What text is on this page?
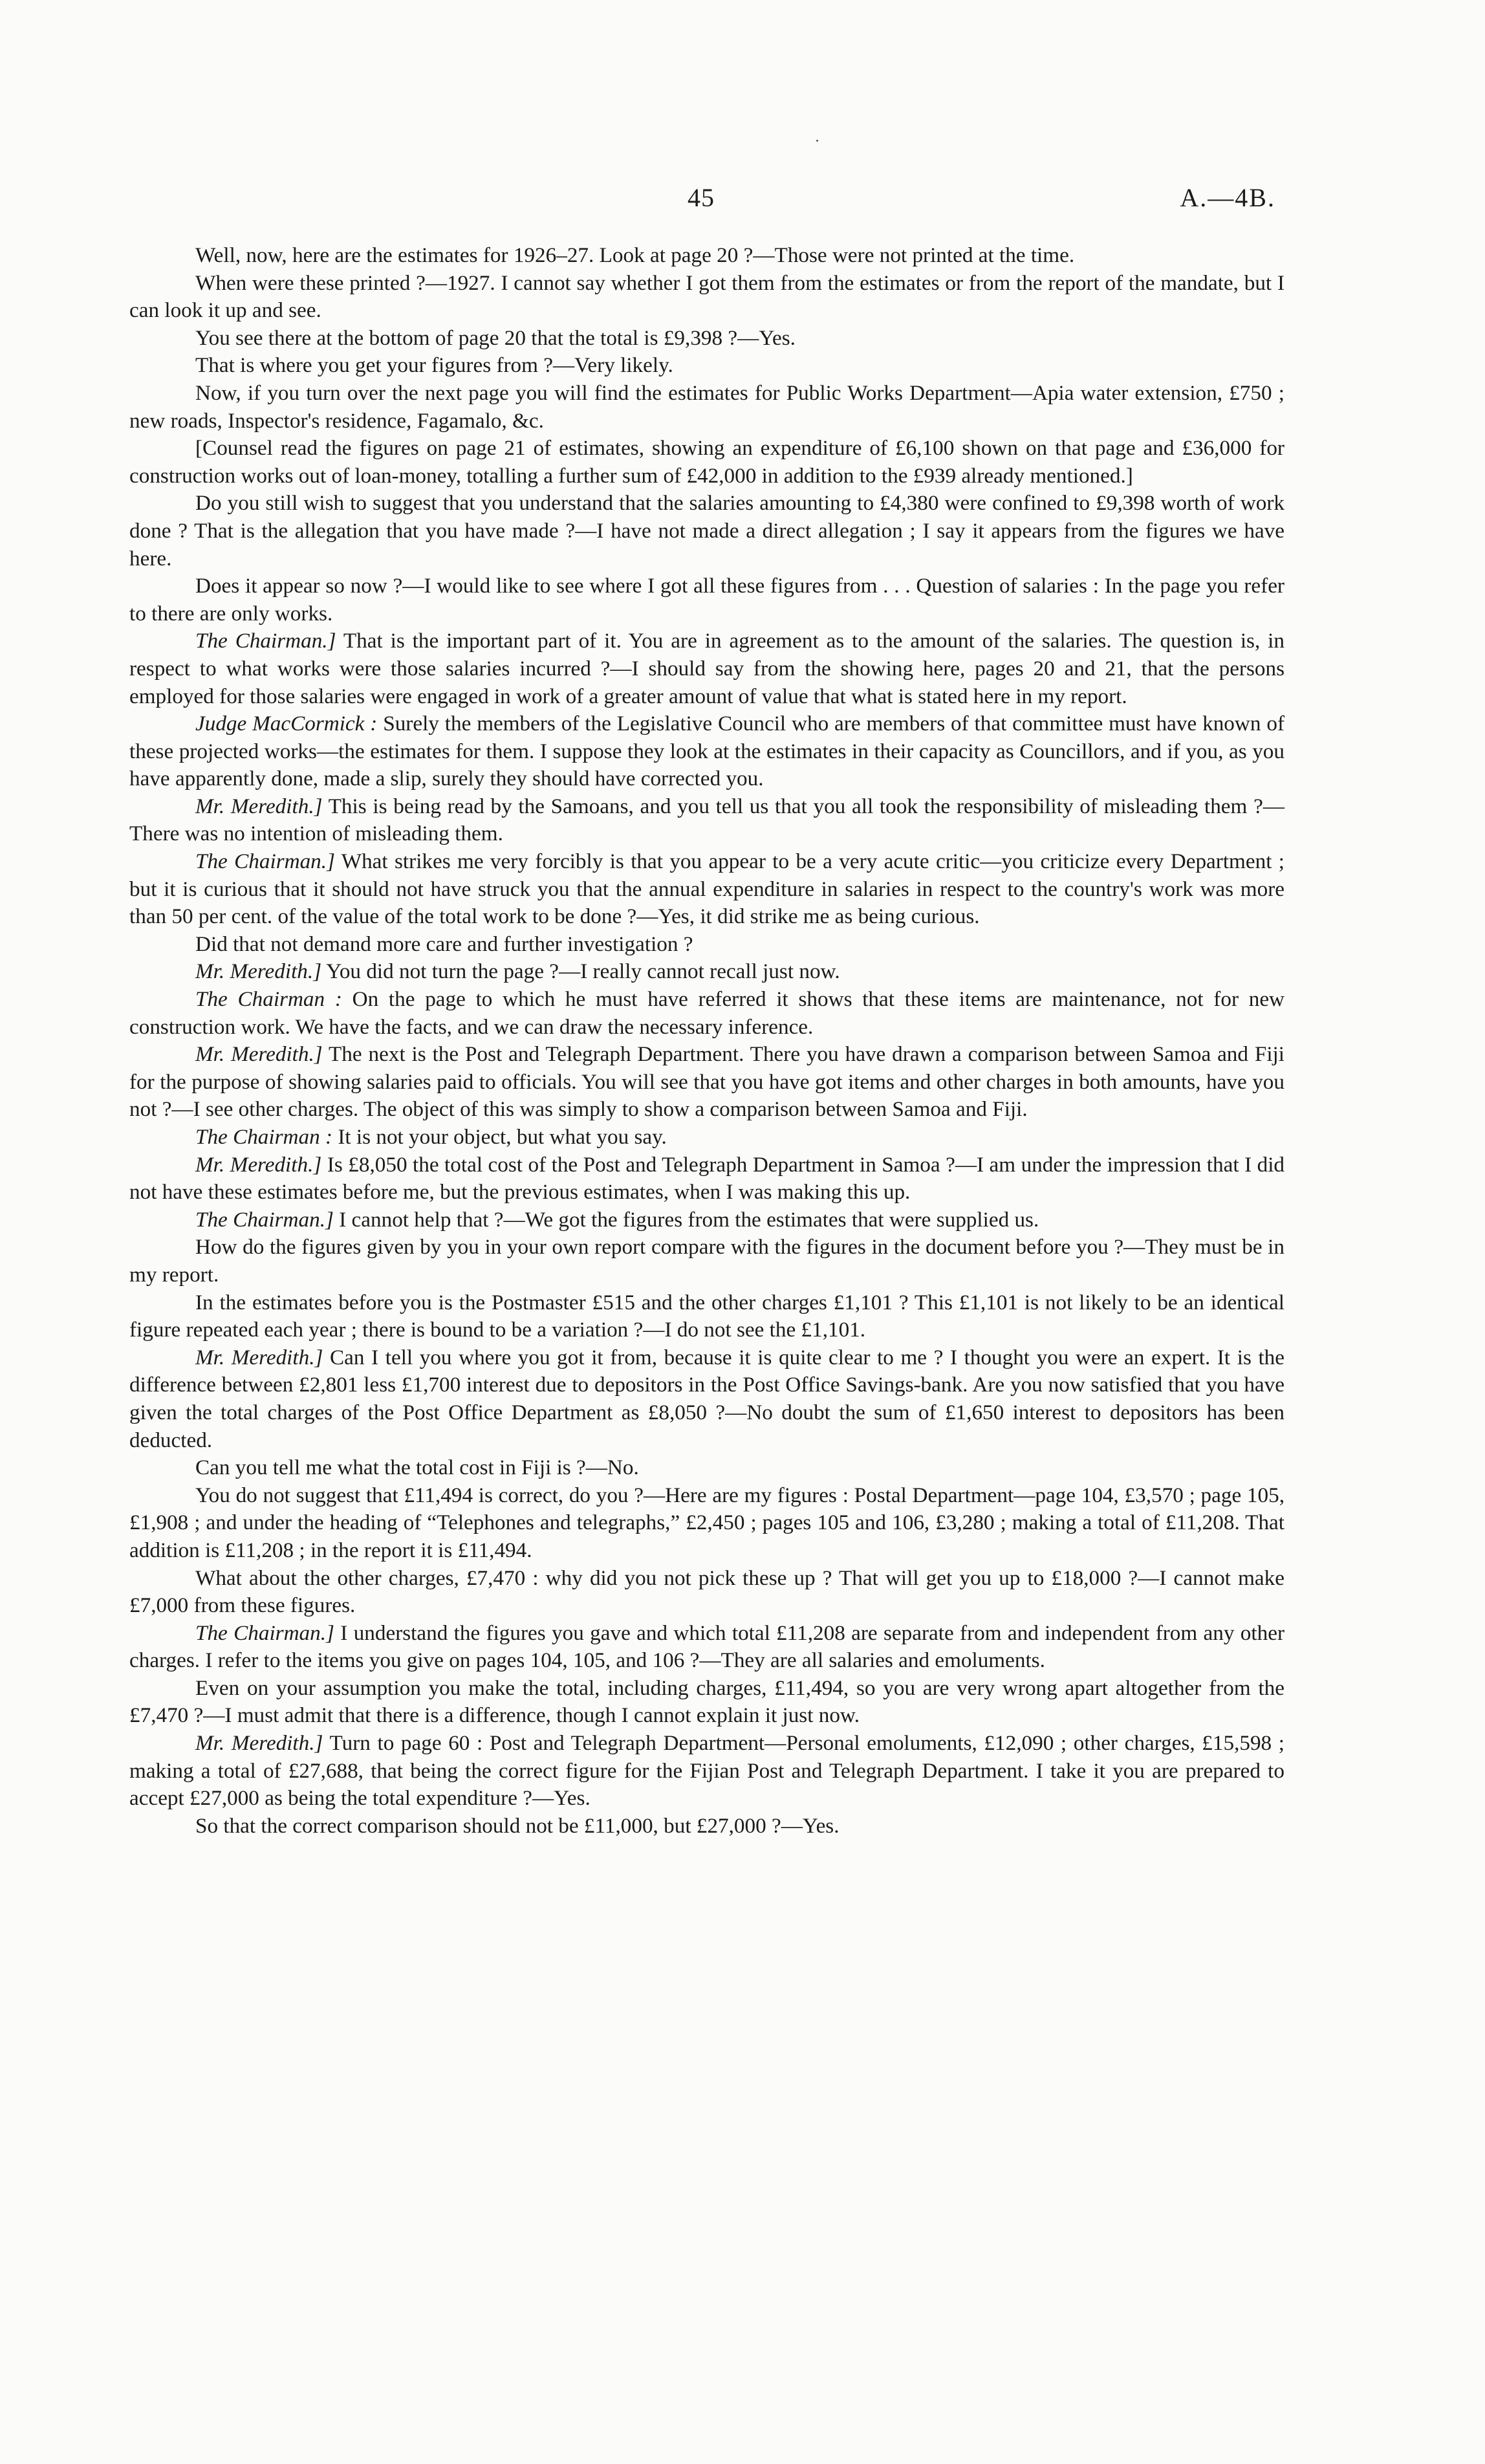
45	A.—4B.

Well, now, here are the estimates for 1926–27. Look at page 20 ?—Those were not printed at the time.

When were these printed ?—1927. I cannot say whether I got them from the estimates or from the report of the mandate, but I can look it up and see.

You see there at the bottom of page 20 that the total is £9,398 ?—Yes.

That is where you get your figures from ?—Very likely.

Now, if you turn over the next page you will find the estimates for Public Works Department—Apia water extension, £750 ; new roads, Inspector's residence, Fagamalo, &c.

[Counsel read the figures on page 21 of estimates, showing an expenditure of £6,100 shown on that page and £36,000 for construction works out of loan-money, totalling a further sum of £42,000 in addition to the £939 already mentioned.]

Do you still wish to suggest that you understand that the salaries amounting to £4,380 were confined to £9,398 worth of work done ? That is the allegation that you have made ?—I have not made a direct allegation ; I say it appears from the figures we have here.

Does it appear so now ?—I would like to see where I got all these figures from . . . Question of salaries : In the page you refer to there are only works.

The Chairman.] That is the important part of it. You are in agreement as to the amount of the salaries. The question is, in respect to what works were those salaries incurred ?—I should say from the showing here, pages 20 and 21, that the persons employed for those salaries were engaged in work of a greater amount of value that what is stated here in my report.

Judge MacCormick : Surely the members of the Legislative Council who are members of that committee must have known of these projected works—the estimates for them. I suppose they look at the estimates in their capacity as Councillors, and if you, as you have apparently done, made a slip, surely they should have corrected you.

Mr. Meredith.] This is being read by the Samoans, and you tell us that you all took the responsibility of misleading them ?—There was no intention of misleading them.

The Chairman.] What strikes me very forcibly is that you appear to be a very acute critic—you criticize every Department ; but it is curious that it should not have struck you that the annual expenditure in salaries in respect to the country's work was more than 50 per cent. of the value of the total work to be done ?—Yes, it did strike me as being curious.

Did that not demand more care and further investigation ?

Mr. Meredith.] You did not turn the page ?—I really cannot recall just now.

The Chairman : On the page to which he must have referred it shows that these items are maintenance, not for new construction work. We have the facts, and we can draw the necessary inference.

Mr. Meredith.] The next is the Post and Telegraph Department. There you have drawn a comparison between Samoa and Fiji for the purpose of showing salaries paid to officials. You will see that you have got items and other charges in both amounts, have you not ?—I see other charges. The object of this was simply to show a comparison between Samoa and Fiji.

The Chairman : It is not your object, but what you say.

Mr. Meredith.] Is £8,050 the total cost of the Post and Telegraph Department in Samoa ?—I am under the impression that I did not have these estimates before me, but the previous estimates, when I was making this up.

The Chairman.] I cannot help that ?—We got the figures from the estimates that were supplied us.

How do the figures given by you in your own report compare with the figures in the document before you ?—They must be in my report.

In the estimates before you is the Postmaster £515 and the other charges £1,101 ? This £1,101 is not likely to be an identical figure repeated each year ; there is bound to be a variation ?—I do not see the £1,101.

Mr. Meredith.] Can I tell you where you got it from, because it is quite clear to me ? I thought you were an expert. It is the difference between £2,801 less £1,700 interest due to depositors in the Post Office Savings-bank. Are you now satisfied that you have given the total charges of the Post Office Department as £8,050 ?—No doubt the sum of £1,650 interest to depositors has been deducted.

Can you tell me what the total cost in Fiji is ?—No.

You do not suggest that £11,494 is correct, do you ?—Here are my figures : Postal Department—page 104, £3,570 ; page 105, £1,908 ; and under the heading of “Telephones and telegraphs,” £2,450 ; pages 105 and 106, £3,280 ; making a total of £11,208. That addition is £11,208 ; in the report it is £11,494.

What about the other charges, £7,470 : why did you not pick these up ? That will get you up to £18,000 ?—I cannot make £7,000 from these figures.

The Chairman.] I understand the figures you gave and which total £11,208 are separate from and independent from any other charges. I refer to the items you give on pages 104, 105, and 106 ?—They are all salaries and emoluments.

Even on your assumption you make the total, including charges, £11,494, so you are very wrong apart altogether from the £7,470 ?—I must admit that there is a difference, though I cannot explain it just now.

Mr. Meredith.] Turn to page 60 : Post and Telegraph Department—Personal emoluments, £12,090 ; other charges, £15,598 ; making a total of £27,688, that being the correct figure for the Fijian Post and Telegraph Department. I take it you are prepared to accept £27,000 as being the total expenditure ?—Yes.

So that the correct comparison should not be £11,000, but £27,000 ?—Yes.
